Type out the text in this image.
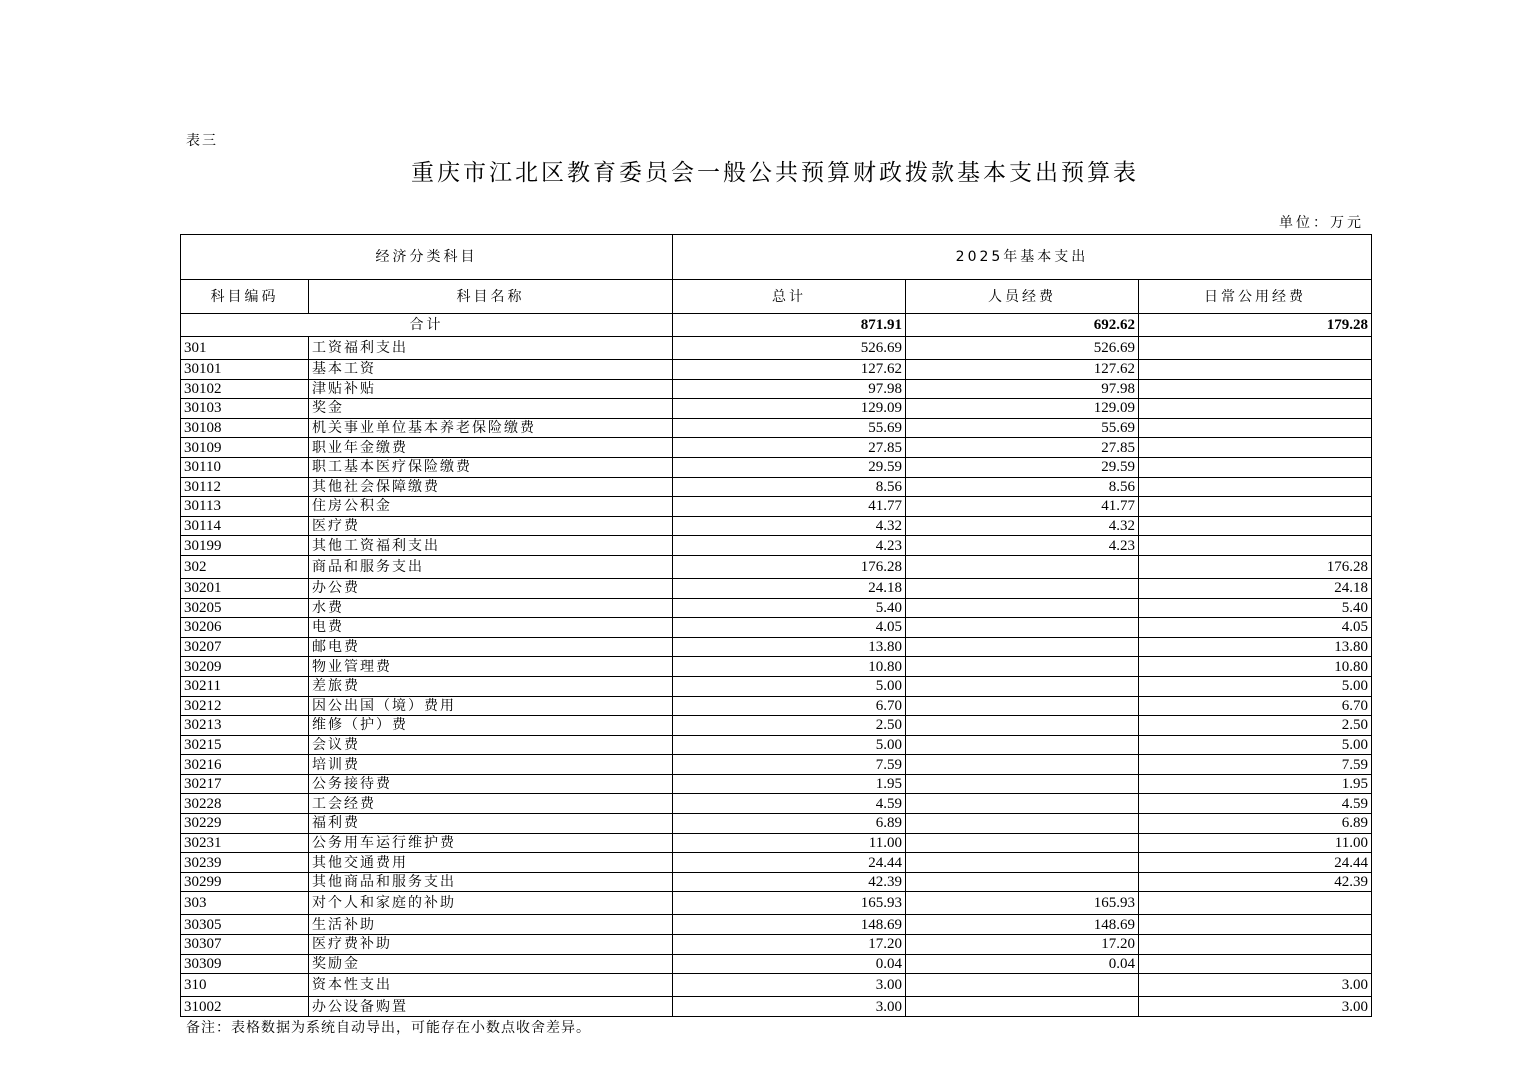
表三
重庆市江北区教育委员会一般公共预算财政拨款基本支出预算表
单位：万元
经济分类科目		2025年基本支出		
科目编码	科目名称	总计	人员经费	日常公用经费
合计		871.91	692.62	179.28
301	工资福利支出	526.69	526.69	
30101	基本工资	127.62	127.62	
30102	津贴补贴	97.98	97.98	
30103	奖金	129.09	129.09	
30108	机关事业单位基本养老保险缴费	55.69	55.69	
30109	职业年金缴费	27.85	27.85	
30110	职工基本医疗保险缴费	29.59	29.59	
30112	其他社会保障缴费	8.56	8.56	
30113	住房公积金	41.77	41.77	
30114	医疗费	4.32	4.32	
30199	其他工资福利支出	4.23	4.23	
302	商品和服务支出	176.28		176.28
30201	办公费	24.18		24.18
30205	水费	5.40		5.40
30206	电费	4.05		4.05
30207	邮电费	13.80		13.80
30209	物业管理费	10.80		10.80
30211	差旅费	5.00		5.00
30212	因公出国（境）费用	6.70		6.70
30213	维修（护）费	2.50		2.50
30215	会议费	5.00		5.00
30216	培训费	7.59		7.59
30217	公务接待费	1.95		1.95
30228	工会经费	4.59		4.59
30229	福利费	6.89		6.89
30231	公务用车运行维护费	11.00		11.00
30239	其他交通费用	24.44		24.44
30299	其他商品和服务支出	42.39		42.39
303	对个人和家庭的补助	165.93	165.93	
30305	生活补助	148.69	148.69	
30307	医疗费补助	17.20	17.20	
30309	奖励金	0.04	0.04	
310	资本性支出	3.00		3.00
31002	办公设备购置	3.00		3.00
备注：表格数据为系统自动导出，可能存在小数点收舍差异。
